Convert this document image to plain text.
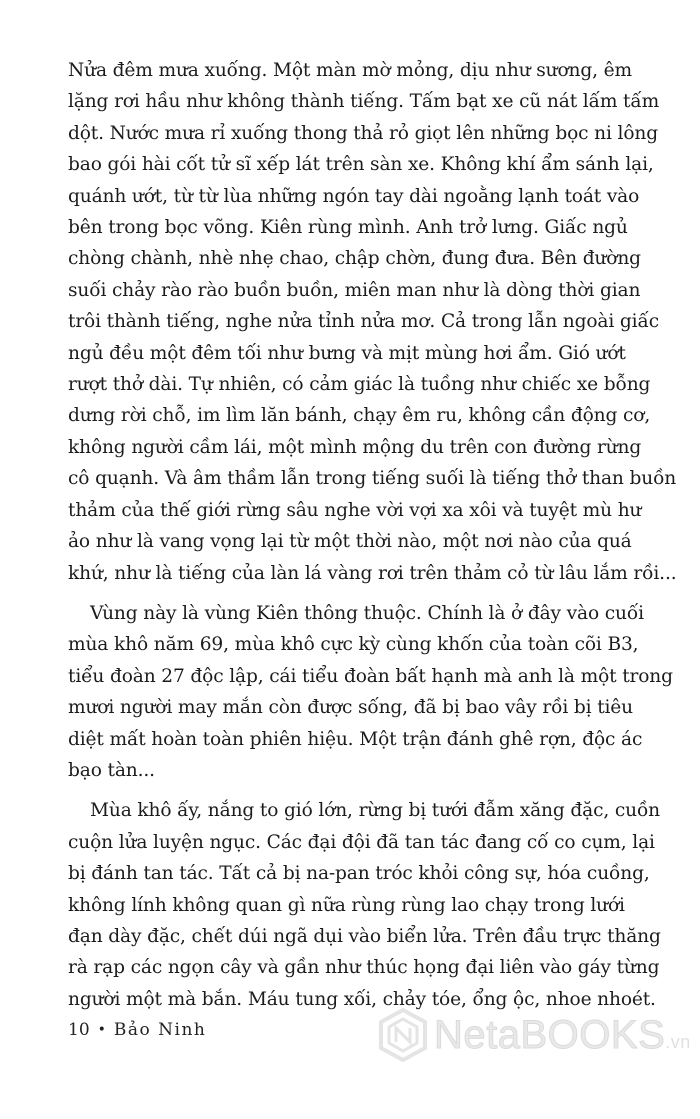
Nửa đêm mưa xuống. Một màn mờ mỏng, dịu như sương, êm
lặng rơi hầu như không thành tiếng. Tấm bạt xe cũ nát lấm tấm
dột. Nước mưa rỉ xuống thong thả rỏ giọt lên những bọc ni lông
bao gói hài cốt tử sĩ xếp lát trên sàn xe. Không khí ẩm sánh lại,
quánh ướt, từ từ lùa những ngón tay dài ngoằng lạnh toát vào
bên trong bọc võng. Kiên rùng mình. Anh trở lưng. Giấc ngủ
chòng chành, nhè nhẹ chao, chập chờn, đung đưa. Bên đường
suối chảy rào rào buồn buồn, miên man như là dòng thời gian
trôi thành tiếng, nghe nửa tỉnh nửa mơ. Cả trong lẫn ngoài giấc
ngủ đều một đêm tối như bưng và mịt mùng hơi ẩm. Gió ướt
rượt thở dài. Tự nhiên, có cảm giác là tuồng như chiếc xe bỗng
dưng rời chỗ, im lìm lăn bánh, chạy êm ru, không cần động cơ,
không người cầm lái, một mình mộng du trên con đường rừng
cô quạnh. Và âm thầm lẫn trong tiếng suối là tiếng thở than buồn
thảm của thế giới rừng sâu nghe vời vợi xa xôi và tuyệt mù hư
ảo như là vang vọng lại từ một thời nào, một nơi nào của quá
khứ, như là tiếng của làn lá vàng rơi trên thảm cỏ từ lâu lắm rồi...

Vùng này là vùng Kiên thông thuộc. Chính là ở đây vào cuối
mùa khô năm 69, mùa khô cực kỳ cùng khốn của toàn cõi B3,
tiểu đoàn 27 độc lập, cái tiểu đoàn bất hạnh mà anh là một trong
mươi người may mắn còn được sống, đã bị bao vây rồi bị tiêu
diệt mất hoàn toàn phiên hiệu. Một trận đánh ghê rợn, độc ác
bạo tàn...

Mùa khô ấy, nắng to gió lớn, rừng bị tưới đẫm xăng đặc, cuồn
cuộn lửa luyện ngục. Các đại đội đã tan tác đang cố co cụm, lại
bị đánh tan tác. Tất cả bị na-pan tróc khỏi công sự, hóa cuồng,
không lính không quan gì nữa rùng rùng lao chạy trong lưới
đạn dày đặc, chết dúi ngã dụi vào biển lửa. Trên đầu trực thăng
rà rạp các ngọn cây và gần như thúc họng đại liên vào gáy từng
người một mà bắn. Máu tung xối, chảy tóe, ổng ộc, nhoe nhoét.

10 • Bảo Ninh	NetaBOOKS.vn
